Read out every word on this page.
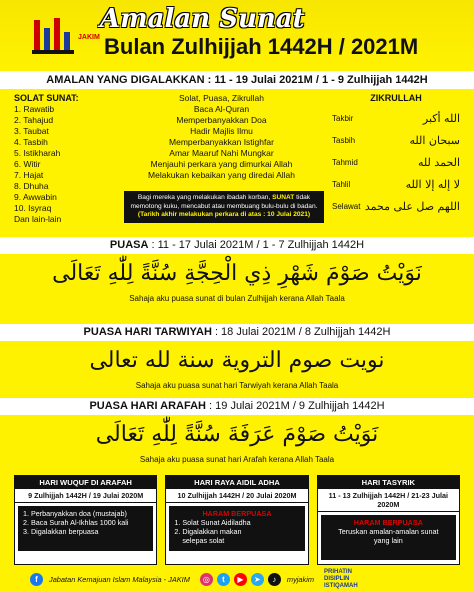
JAKIM
Amalan Sunat
Bulan Zulhijjah 1442H / 2021M
AMALAN YANG DIGALAKKAN : 11 - 19 Julai 2021M / 1 - 9 Zulhijjah 1442H
SOLAT SUNAT:
1. Rawatib
2. Tahajud
3. Taubat
4. Tasbih
5. Istikharah
6. Witir
7. Hajat
8. Dhuha
9. Awwabin
10. Isyraq
Dan lain-lain
Solat, Puasa, Zikrullah
Baca Al-Quran
Memperbanyakkan Doa
Hadir Majlis Ilmu
Memperbanyakkan Istighfar
Amar Maaruf Nahi Mungkar
Menjauhi perkara yang dimurkai Allah
Melakukan kebaikan yang diredai Allah
Bagi mereka yang melakukan ibadah korban, SUNAT tidak memotong kuku, mencabut atau membuang bulu-bulu di badan.
(Tarikh akhir melakukan perkara di atas : 10 Julai 2021)
ZIKRULLAH
Takbir	الله أكبر
Tasbih	سبحان الله
Tahmid	الحمد لله
Tahlil	لا إله إلا الله
Selawat اللهم صل على محمد
PUASA : 11 - 17 Julai 2021M / 1 - 7 Zulhijjah 1442H
نَوَيْتُ صَوْمَ شَهْرِ ذِي الْحِجَّةِ سُنَّةً لِلّٰهِ تَعَالَى
Sahaja aku puasa sunat di bulan Zulhijjah kerana Allah Taala
PUASA HARI TARWIYAH : 18 Julai 2021M / 8 Zulhijjah 1442H
نويت صوم التروية سنة لله تعالى
Sahaja aku puasa sunat hari Tarwiyah kerana Allah Taala
PUASA HARI ARAFAH : 19 Julai 2021M / 9 Zulhijjah 1442H
نَوَيْتُ صَوْمَ عَرَفَةَ سُنَّةً لِلّٰهِ تَعَالَى
Sahaja aku puasa sunat hari Arafah kerana Allah Taala
HARI WUQUF DI ARAFAH
9 Zulhijjah 1442H / 19 Julai 2020M
1. Perbanyakkan doa (mustajab)
2. Baca Surah Al-Ikhlas 1000 kali
3. Digalakkan berpuasa
HARI RAYA AIDIL ADHA
10 Zulhijjah 1442H / 20 Julai 2020M
HARAM BERPUASA
1. Solat Sunat Aidiladha
2. Digalakkan makan
selepas solat
HARI TASYRIK
11 - 13 Zulhijjah 1442H / 21-23 Julai 2020M
HARAM BERPUASA
Teruskan amalan-amalan sunat
yang lain
f	Jabatan Kemajuan Islam Malaysia - JAKIM	◎	t	▶	➤	♪	myjakim
PRIHATIN
DISIPLIN
ISTIQAMAH
